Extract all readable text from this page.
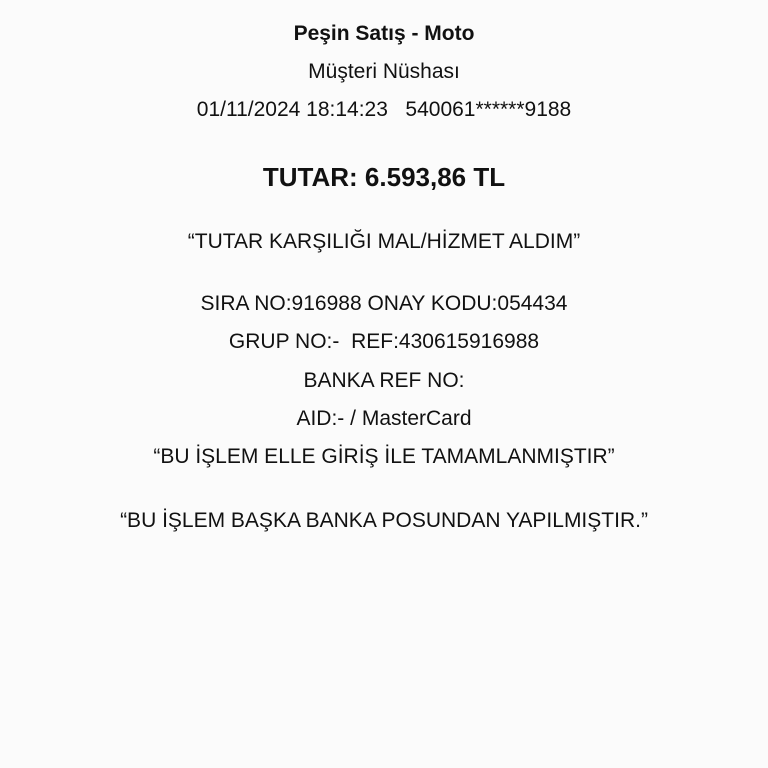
Peşin Satış - Moto
Müşteri Nüshası
01/11/2024 18:14:23 540061******9188
TUTAR: 6.593,86 TL
“TUTAR KARŞILIĞI MAL/HİZMET ALDIM”
SIRA NO:916988 ONAY KODU:054434
GRUP NO:- REF:430615916988
BANKA REF NO:
AID:- / MasterCard
“BU İŞLEM ELLE GİRİŞ İLE TAMAMLANMIŞTIR”
“BU İŞLEM BAŞKA BANKA POSUNDAN YAPILMIŞTIR.”
